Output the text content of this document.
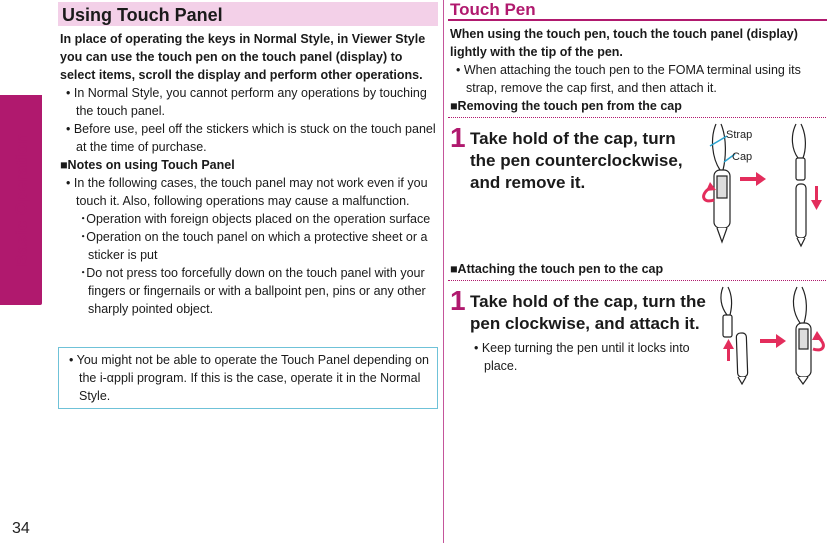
Basic Operation
34
Using Touch Panel
In place of operating the keys in Normal Style, in Viewer Style you can use the touch pen on the touch panel (display) to select items, scroll the display and perform other operations.
• In Normal Style, you cannot perform any operations by touching the touch panel.
• Before use, peel off the stickers which is stuck on the touch panel at the time of purchase.
■Notes on using Touch Panel
• In the following cases, the touch panel may not work even if you touch it. Also, following operations may cause a malfunction.
･Operation with foreign objects placed on the operation surface
･Operation on the touch panel on which a protective sheet or a sticker is put
･Do not press too forcefully down on the touch panel with your fingers or fingernails or with a ballpoint pen, pins or any other sharply pointed object.
• You might not be able to operate the Touch Panel depending on the i-αppli program. If this is the case, operate it in the Normal Style.
Touch Pen
When using the touch pen, touch the touch panel (display) lightly with the tip of the pen.
• When attaching the touch pen to the FOMA terminal using its strap, remove the cap first, and then attach it.
■Removing the touch pen from the cap
1 Take hold of the cap, turn the pen counterclockwise, and remove it.
■Attaching the touch pen to the cap
1 Take hold of the cap, turn the pen clockwise, and attach it.
• Keep turning the pen until it locks into place.
Strap
Cap
